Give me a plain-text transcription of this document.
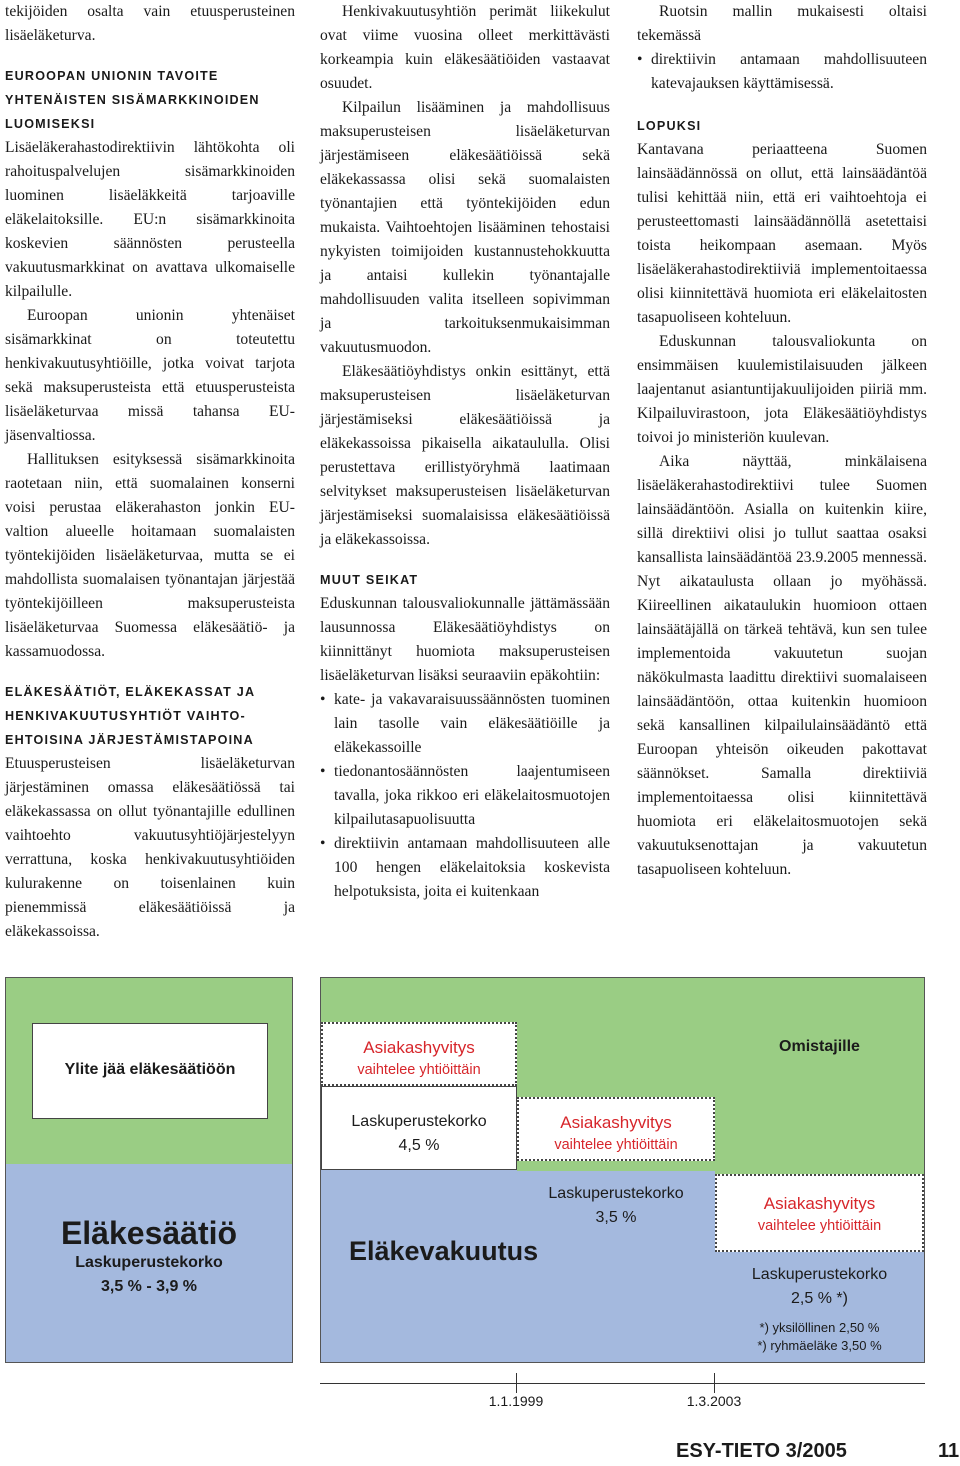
tekijöiden osalta vain etuusperusteinen lisäeläketurva.

EUROOPAN UNIONIN TAVOITE
YHTENÄISTEN SISÄMARKKINOIDEN
LUOMISEKSI

Lisäeläkerahastodirektiivin lähtökohta oli rahoituspalvelujen sisämarkkinoiden luominen lisäeläkkeitä tarjoaville eläkelaitoksille. EU:n sisämarkkinoita koskevien säännösten perusteella vakuutusmarkkinat on avattava ulkomaiselle kilpailulle.

Euroopan unionin yhtenäiset sisämarkkinat on toteutettu henkivakuutusyhtiöille, jotka voivat tarjota sekä maksuperusteista että etuusperusteista lisäeläketurvaa missä tahansa EU-jäsenvaltiossa.

Hallituksen esityksessä sisämarkkinoita raotetaan niin, että suomalainen konserni voisi perustaa eläkerahaston jonkin EU-valtion alueelle hoitamaan suomalaisten työntekijöiden lisäeläketurvaa, mutta se ei mahdollista suomalaisen työnantajan järjestää työntekijöilleen maksuperusteista lisäeläketurvaa Suomessa eläkesäätiö- ja kassamuodossa.

ELÄKESÄÄTIÖT, ELÄKEKASSAT JA
HENKIVAKUUTUSYHTIÖT VAIHTO-
EHTOISINA JÄRJESTÄMISTAPOINA

Etuusperusteisen lisäeläketurvan järjestäminen omassa eläkesäätiössä tai eläkekassassa on ollut työnantajille edullinen vaihtoehto vakuutusyhtiöjärjestelyyn verrattuna, koska henkivakuutusyhtiöiden kulurakenne on toisenlainen kuin pienemmissä eläkesäätiöissä ja eläkekassoissa.

Henkivakuutusyhtiön perimät liikekulut ovat viime vuosina olleet merkittävästi korkeampia kuin eläkesäätiöiden vastaavat osuudet.

Kilpailun lisääminen ja mahdollisuus maksuperusteisen lisäeläketurvan järjestämiseen eläkesäätiöissä sekä eläkekassassa olisi sekä suomalaisten työnantajien että työntekijöiden edun mukaista. Vaihtoehtojen lisääminen tehostaisi nykyisten toimijoiden kustannustehokkuutta ja antaisi kullekin työnantajalle mahdollisuuden valita itselleen sopivimman ja tarkoituksenmukaisimman vakuutusmuodon.

Eläkesäätiöyhdistys onkin esittänyt, että maksuperusteisen lisäeläketurvan järjestämiseksi eläkesäätiöissä ja eläkekassoissa pikaisella aikataululla. Olisi perustettava erillistyöryhmä laatimaan selvitykset maksuperusteisen lisäeläketurvan järjestämiseksi suomalaisissa eläkesäätiöissä ja eläkekassoissa.

MUUT SEIKAT

Eduskunnan talousvaliokunnalle jättämässään lausunnossa Eläkesäätiöyhdistys on kiinnittänyt huomiota maksuperusteisen lisäeläketurvan lisäksi seuraaviin epäkohtiin:

• kate- ja vakavaraisuussäännösten tuominen lain tasolle vain eläkesäätiöille ja eläkekassoille
• tiedonantosäännösten laajentumiseen tavalla, joka rikkoo eri eläkelaitosmuotojen kilpailutasapuolisuutta
• direktiivin antamaan mahdollisuuteen alle 100 hengen eläkelaitoksia koskevista helpotuksista, joita ei kuitenkaan

Ruotsin mallin mukaisesti oltaisi tekemässä

• direktiivin antamaan mahdollisuuteen katevajauksen käyttämisessä.
LOPUKSI

Kantavana periaatteena Suomen lainsäädännössä on ollut, että lainsäädäntöä tulisi kehittää niin, että eri vaihtoehtoja ei perusteettomasti lainsäädännöllä asetettaisi toista heikompaan asemaan. Myös lisäeläkerahastodirektiiviä implementoitaessa olisi kiinnitettävä huomiota eri eläkelaitosten tasapuoliseen kohteluun.

Eduskunnan talousvaliokunta on ensimmäisen kuulemistilaisuuden jälkeen laajentanut asiantuntijakuulijoiden piiriä mm. Kilpailuvirastoon, jota Eläkesäätiöyhdistys toivoi jo ministeriön kuulevan.

Aika näyttää, minkälaisena lisäeläkerahastodirektiivi tulee Suomen lainsäädäntöön. Asialla on kuitenkin kiire, sillä direktiivi olisi jo tullut saattaa osaksi kansallista lainsäädäntöä 23.9.2005 mennessä. Nyt aikataulusta ollaan jo myöhässä. Kiireellinen aikataulukin huomioon ottaen lainsäätäjällä on tärkeä tehtävä, kun sen tulee implementoida vakuutetun suojan näkökulmasta laadittu direktiivi suomalaiseen lainsäädäntöön, ottaa kuitenkin huomioon sekä kansallinen kilpailulainsäädäntö että Euroopan yhteisön oikeuden pakottavat säännökset. Samalla direktiiviä implementoitaessa olisi kiinnitettävä huomiota eri eläkelaitosmuotojen sekä vakuutuksenottajan ja vakuutetun tasapuoliseen kohteluun.

Ylite jää eläkesäätiöön
Eläkesäätiö
Laskuperustekorko
3,5 % - 3,9 %
Asiakashyvitys
vaihtelee yhtiöittäin
Laskuperustekorko
4,5 %
Asiakashyvitys
vaihtelee yhtiöittäin
Laskuperustekorko
3,5 %
Omistajille
Asiakashyvitys
vaihtelee yhtiöittäin
Laskuperustekorko
2,5 % *)
*) yksilöllinen 2,50 %
*) ryhmäeläke 3,50 %
Eläkevakuutus
1.1.1999	1.3.2003
ESY-TIETO 3/2005	11
